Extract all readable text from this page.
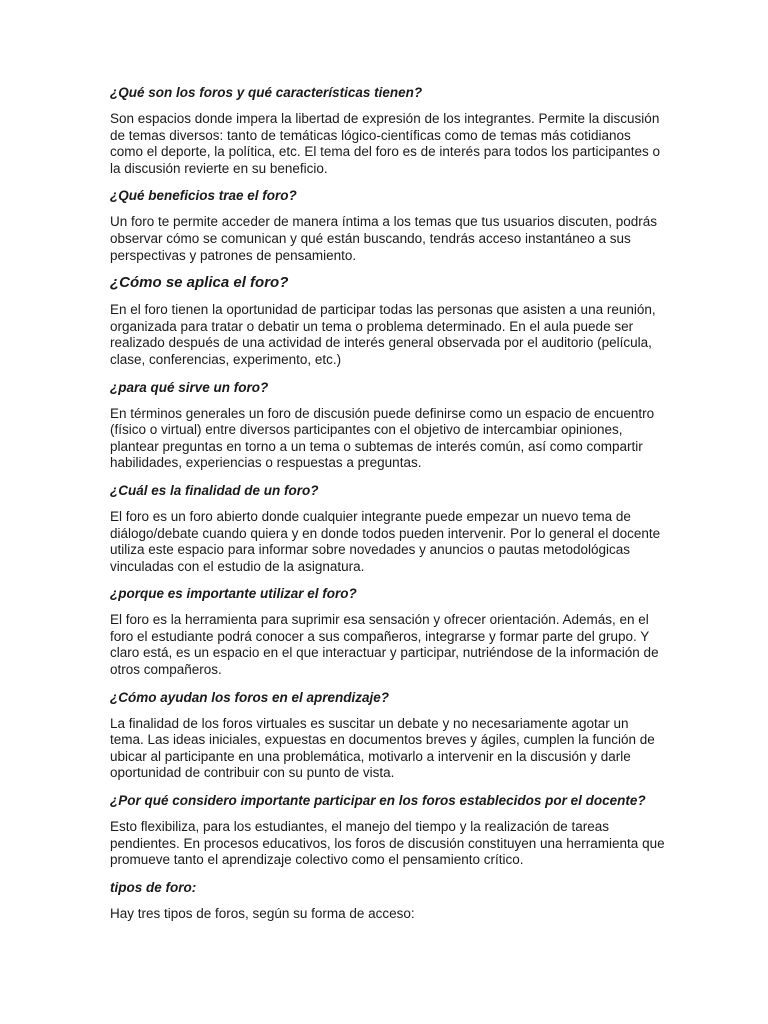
¿Qué son los foros y qué características tienen?
Son espacios donde impera la libertad de expresión de los integrantes. Permite la discusión de temas diversos: tanto de temáticas lógico-científicas como de temas más cotidianos como el deporte, la política, etc. El tema del foro es de interés para todos los participantes o la discusión revierte en su beneficio.
¿Qué beneficios trae el foro?
Un foro te permite acceder de manera íntima a los temas que tus usuarios discuten, podrás observar cómo se comunican y qué están buscando, tendrás acceso instantáneo a sus perspectivas y patrones de pensamiento.
¿Cómo se aplica el foro?
En el foro tienen la oportunidad de participar todas las personas que asisten a una reunión, organizada para tratar o debatir un tema o problema determinado. En el aula puede ser realizado después de una actividad de interés general observada por el auditorio (película, clase, conferencias, experimento, etc.)
¿para qué sirve un foro?
En términos generales un foro de discusión puede definirse como un espacio de encuentro (físico o virtual) entre diversos participantes con el objetivo de intercambiar opiniones, plantear preguntas en torno a un tema o subtemas de interés común, así como compartir habilidades, experiencias o respuestas a preguntas.
¿Cuál es la finalidad de un foro?
El foro es un foro abierto donde cualquier integrante puede empezar un nuevo tema de diálogo/debate cuando quiera y en donde todos pueden intervenir. Por lo general el docente utiliza este espacio para informar sobre novedades y anuncios o pautas metodológicas vinculadas con el estudio de la asignatura.
¿porque es importante utilizar el foro?
El foro es la herramienta para suprimir esa sensación y ofrecer orientación. Además, en el foro el estudiante podrá conocer a sus compañeros, integrarse y formar parte del grupo. Y claro está, es un espacio en el que interactuar y participar, nutriéndose de la información de otros compañeros.
¿Cómo ayudan los foros en el aprendizaje?
La finalidad de los foros virtuales es suscitar un debate y no necesariamente agotar un tema. Las ideas iniciales, expuestas en documentos breves y ágiles, cumplen la función de ubicar al participante en una problemática, motivarlo a intervenir en la discusión y darle oportunidad de contribuir con su punto de vista.
¿Por qué considero importante participar en los foros establecidos por el docente?
Esto flexibiliza, para los estudiantes, el manejo del tiempo y la realización de tareas pendientes. En procesos educativos, los foros de discusión constituyen una herramienta que promueve tanto el aprendizaje colectivo como el pensamiento crítico.
tipos de foro:
Hay tres tipos de foros, según su forma de acceso:
